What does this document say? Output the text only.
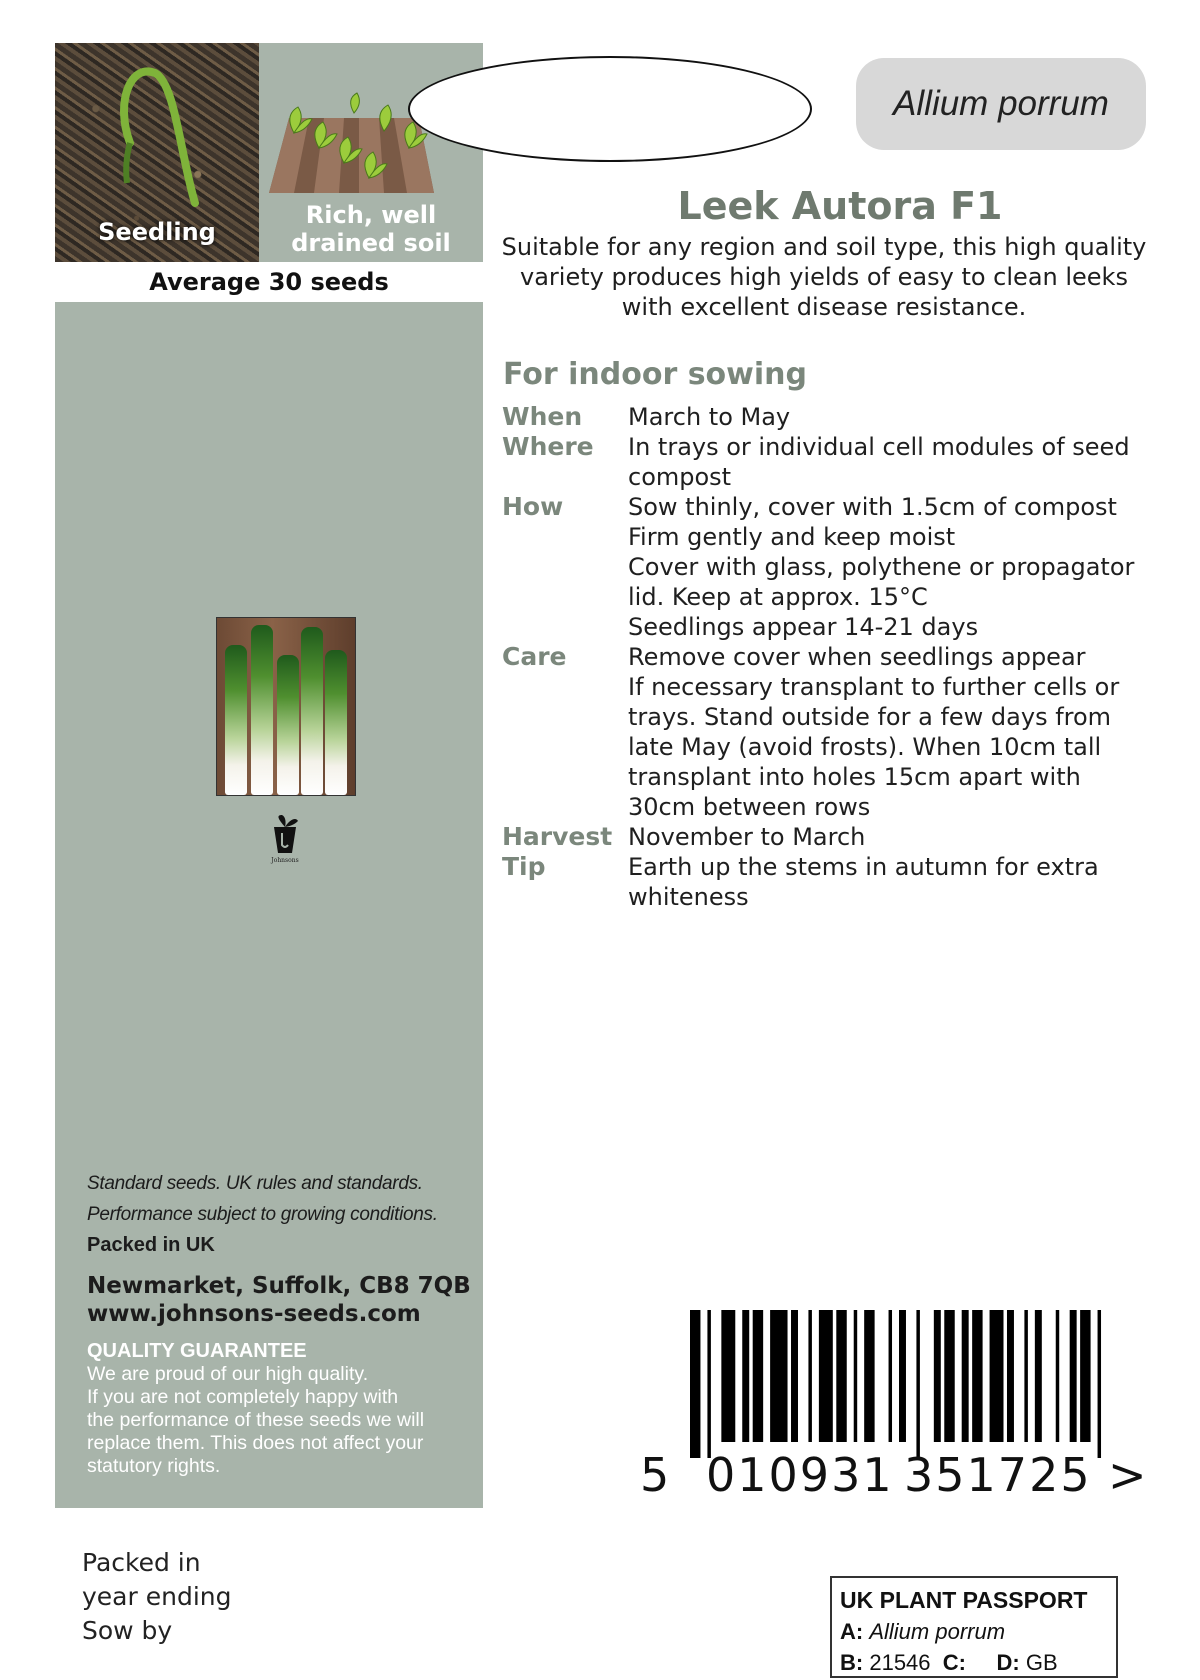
Seedling
Rich, well
drained soil
Average 30 seeds
Johnsons
Standard seeds. UK rules and standards.
Performance subject to growing conditions.
Packed in UK
Newmarket, Suffolk, CB8 7QB
www.johnsons-seeds.com
QUALITY GUARANTEE
We are proud of our high quality.
If you are not completely happy with
the performance of these seeds we will
replace them. This does not affect your
statutory rights.
Packed in
year ending
Sow by
Allium porrum
Leek Autora F1
Suitable for any region and soil type, this high quality
variety produces high yields of easy to clean leeks
with excellent disease resistance.
For indoor sowing
When	March to May
Where	In trays or individual cell modules of seed
compost
How	Sow thinly, cover with 1.5cm of compost
Firm gently and keep moist
Cover with glass, polythene or propagator
lid. Keep at approx. 15°C
Seedlings appear 14-21 days
Care	Remove cover when seedlings appear
If necessary transplant to further cells or
trays. Stand outside for a few days from
late May (avoid frosts). When 10cm tall
transplant into holes 15cm apart with
30cm between rows
Harvest November to March
Tip	Earth up the stems in autumn for extra
whiteness
5 010931 351725 >
UK PLANT PASSPORT
A: Allium porrum
B: 21546 C: D: GB
